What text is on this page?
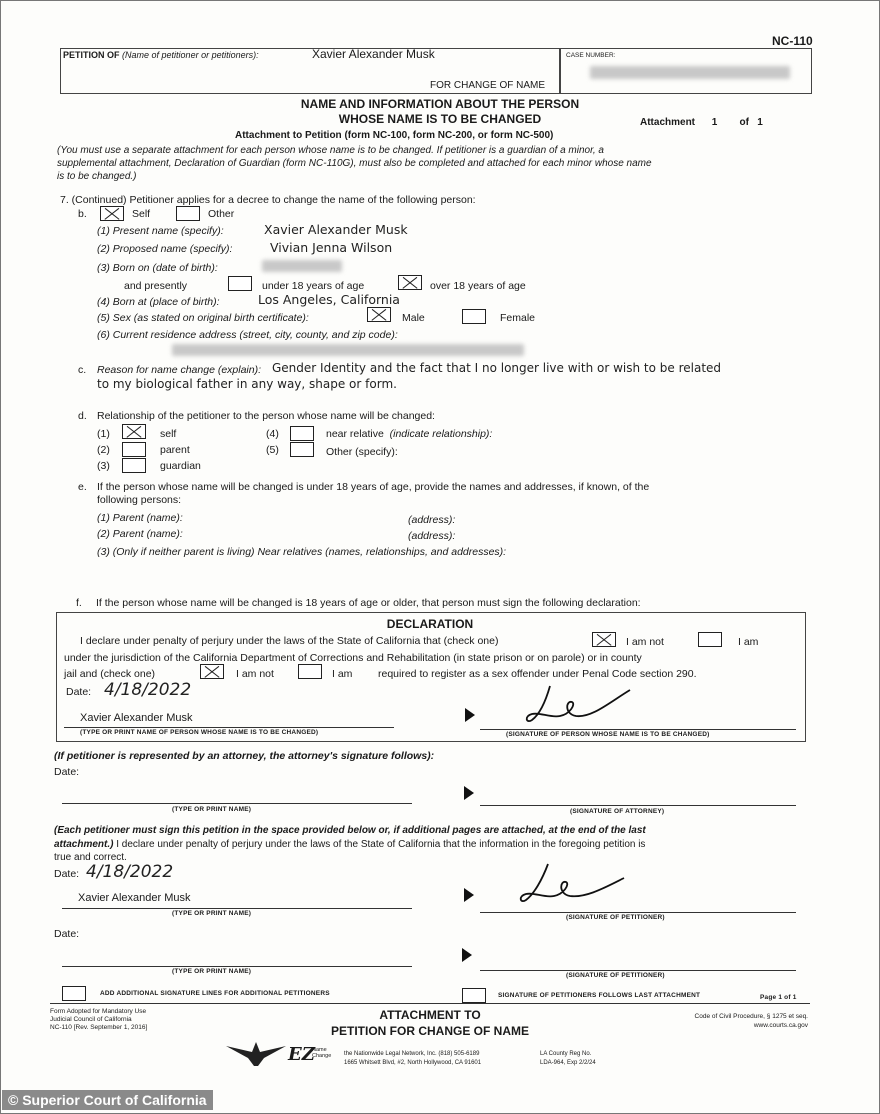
NC-110
PETITION OF (Name of petitioner or petitioners):	Xavier Alexander Musk	CASE NUMBER:
FOR CHANGE OF NAME
NAME AND INFORMATION ABOUT THE PERSON
WHOSE NAME IS TO BE CHANGED	Attachment 1 of 1
Attachment to Petition (form NC-100, form NC-200, or form NC-500)
(You must use a separate attachment for each person whose name is to be changed. If petitioner is a guardian of a minor, a
supplemental attachment, Declaration of Guardian (form NC-110G), must also be completed and attached for each minor whose name
is to be changed.)
7. (Continued) Petitioner applies for a decree to change the name of the following person:
b.	Self	Other
(1) Present name (specify):	Xavier Alexander Musk
(2) Proposed name (specify):	Vivian Jenna Wilson
(3) Born on (date of birth):
and presently	under 18 years of age	over 18 years of age
(4) Born at (place of birth):	Los Angeles, California
(5) Sex (as stated on original birth certificate):	Male	Female
(6) Current residence address (street, city, county, and zip code):
c. Reason for name change (explain): Gender Identity and the fact that I no longer live with or wish to be related
to my biological father in any way, shape or form.
d. Relationship of the petitioner to the person whose name will be changed:
(1)	self
(2)	parent
(3)	guardian
(4)	near relative (indicate relationship):
(5)	Other (specify):
e. If the person whose name will be changed is under 18 years of age, provide the names and addresses, if known, of the
following persons:
(1) Parent (name):	(address):
(2) Parent (name):	(address):
(3) (Only if neither parent is living) Near relatives (names, relationships, and addresses):
f. If the person whose name will be changed is 18 years of age or older, that person must sign the following declaration:
DECLARATION
I declare under penalty of perjury under the laws of the State of California that (check one)	I am not	I am
under the jurisdiction of the California Department of Corrections and Rehabilitation (in state prison or on parole) or in county
jail and (check one)	I am not	I am required to register as a sex offender under Penal Code section 290.
Date: 4/18/2022
Xavier Alexander Musk
(TYPE OR PRINT NAME OF PERSON WHOSE NAME IS TO BE CHANGED)	(SIGNATURE OF PERSON WHOSE NAME IS TO BE CHANGED)
(If petitioner is represented by an attorney, the attorney's signature follows):
Date:
(TYPE OR PRINT NAME)	(SIGNATURE OF ATTORNEY)
(Each petitioner must sign this petition in the space provided below or, if additional pages are attached, at the end of the last
attachment.) I declare under penalty of perjury under the laws of the State of California that the information in the foregoing petition is
true and correct.
Date: 4/18/2022
Xavier Alexander Musk
(TYPE OR PRINT NAME)
(SIGNATURE OF PETITIONER)
Date:
(TYPE OR PRINT NAME)
(SIGNATURE OF PETITIONER)
ADD ADDITIONAL SIGNATURE LINES FOR ADDITIONAL PETITIONERS	SIGNATURE OF PETITIONERS FOLLOWS LAST ATTACHMENT	Page 1 of 1
Form Adopted for Mandatory Use
Judicial Council of California
NC-110 [Rev. September 1, 2016]
ATTACHMENT TO
PETITION FOR CHANGE OF NAME
Code of Civil Procedure, § 1275 et seq.
www.courts.ca.gov
EZ
Name Change	the Nationwide Legal Network, Inc. (818) 505-6189
1665 Whitsett Blvd, #2, North Hollywood, CA 91601
LA County Reg No.
LDA-964, Exp 2/2/24
© Superior Court of California
